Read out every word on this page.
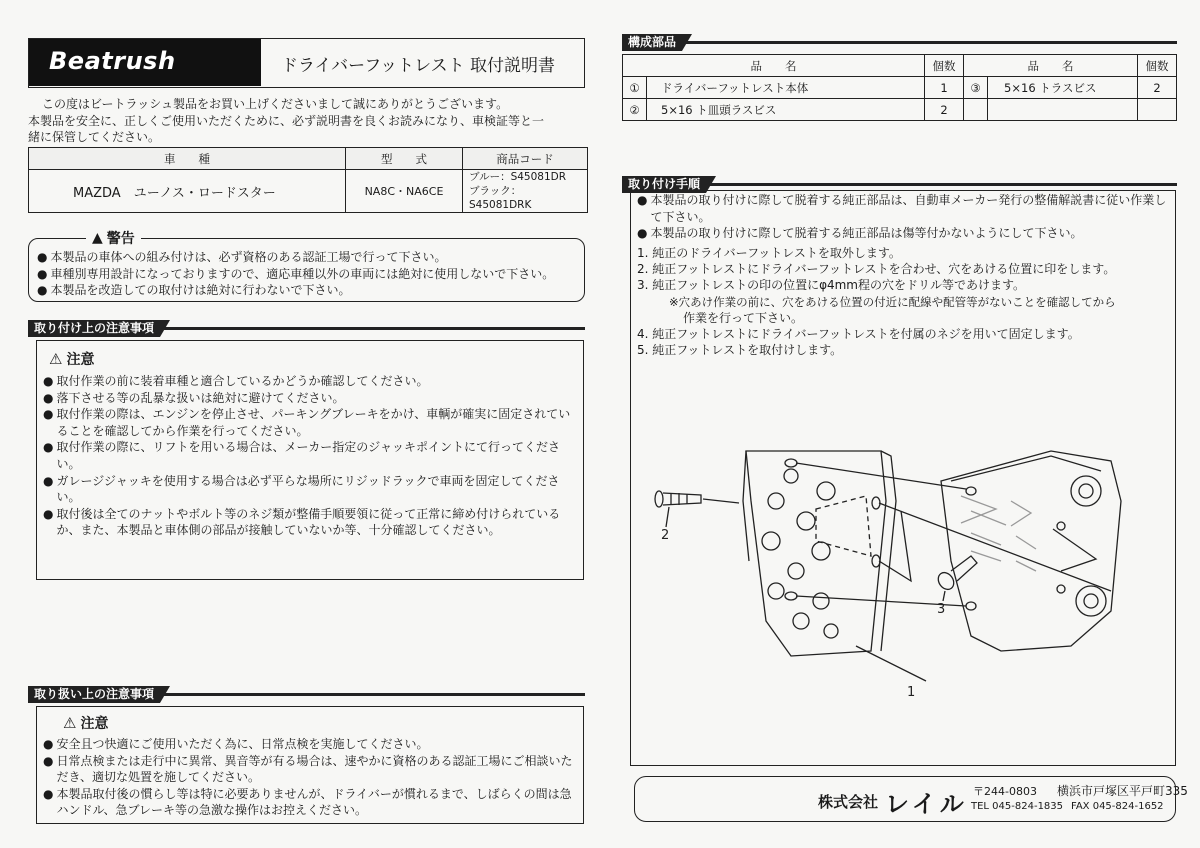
Beatrush	ドライバーフットレスト 取付説明書
この度はビートラッシュ製品をお買い上げくださいまして誠にありがとうございます。
本製品を安全に、正しくご使用いただくために、必ず説明書を良くお読みになり、車検証等と一
緒に保管してください。
車　　種	型　　式	商品コード
MAZDA　ユーノス・ロードスター	NA8C・NA6CE	ブルー：S45081DR
ブラック：S45081DRK
● 本製品の車体への組み付けは、必ず資格のある認証工場で行って下さい。
● 車種別専用設計になっておりますので、適応車種以外の車両には絶対に使用しないで下さい。
● 本製品を改造しての取付けは絶対に行わないで下さい。
▲ 警告
取り付け上の注意事項
⚠ 注意
● 取付作業の前に装着車種と適合しているかどうか確認してください。
● 落下させる等の乱暴な扱いは絶対に避けてください。
● 取付作業の際は、エンジンを停止させ、パーキングブレーキをかけ、車輌が確実に固定されていることを確認してから作業を行ってください。
● 取付作業の際に、リフトを用いる場合は、メーカー指定のジャッキポイントにて行ってください。
● ガレージジャッキを使用する場合は必ず平らな場所にリジッドラックで車両を固定してください。
● 取付後は全てのナットやボルト等のネジ類が整備手順要領に従って正常に締め付けられているか、また、本製品と車体側の部品が接触していないか等、十分確認してください。
取り扱い上の注意事項
⚠ 注意
● 安全且つ快適にご使用いただく為に、日常点検を実施してください。
● 日常点検または走行中に異常、異音等が有る場合は、速やかに資格のある認証工場にご相談いただき、適切な処置を施してください。
● 本製品取付後の慣らし等は特に必要ありませんが、ドライバーが慣れるまで、しばらくの間は急ハンドル、急ブレーキ等の急激な操作はお控えください。
構成部品
品　　名		個数	品　　名		個数
①	ドライバーフットレスト本体	1	③	5×16 トラスビス	2
②	5×16 ト皿頭ラスビス	2			
取り付け手順
● 本製品の取り付けに際して脱着する純正部品は、自動車メーカー発行の整備解説書に従い作業して下さい。
● 本製品の取り付けに際して脱着する純正部品は傷等付かないようにして下さい。
1. 純正のドライバーフットレストを取外します。
2. 純正フットレストにドライバーフットレストを合わせ、穴をあける位置に印をします。
3. 純正フットレストの印の位置にφ4mm程の穴をドリル等であけます。
※穴あけ作業の前に、穴をあける位置の付近に配線や配管等がないことを確認してから
作業を行って下さい。
4. 純正フットレストにドライバーフットレストを付属のネジを用いて固定します。
5. 純正フットレストを取付けします。
2
3
1
株式会社 レイル 〒244-0803 横浜市戸塚区平戸町335
TEL 045-824-1835 FAX 045-824-1652
